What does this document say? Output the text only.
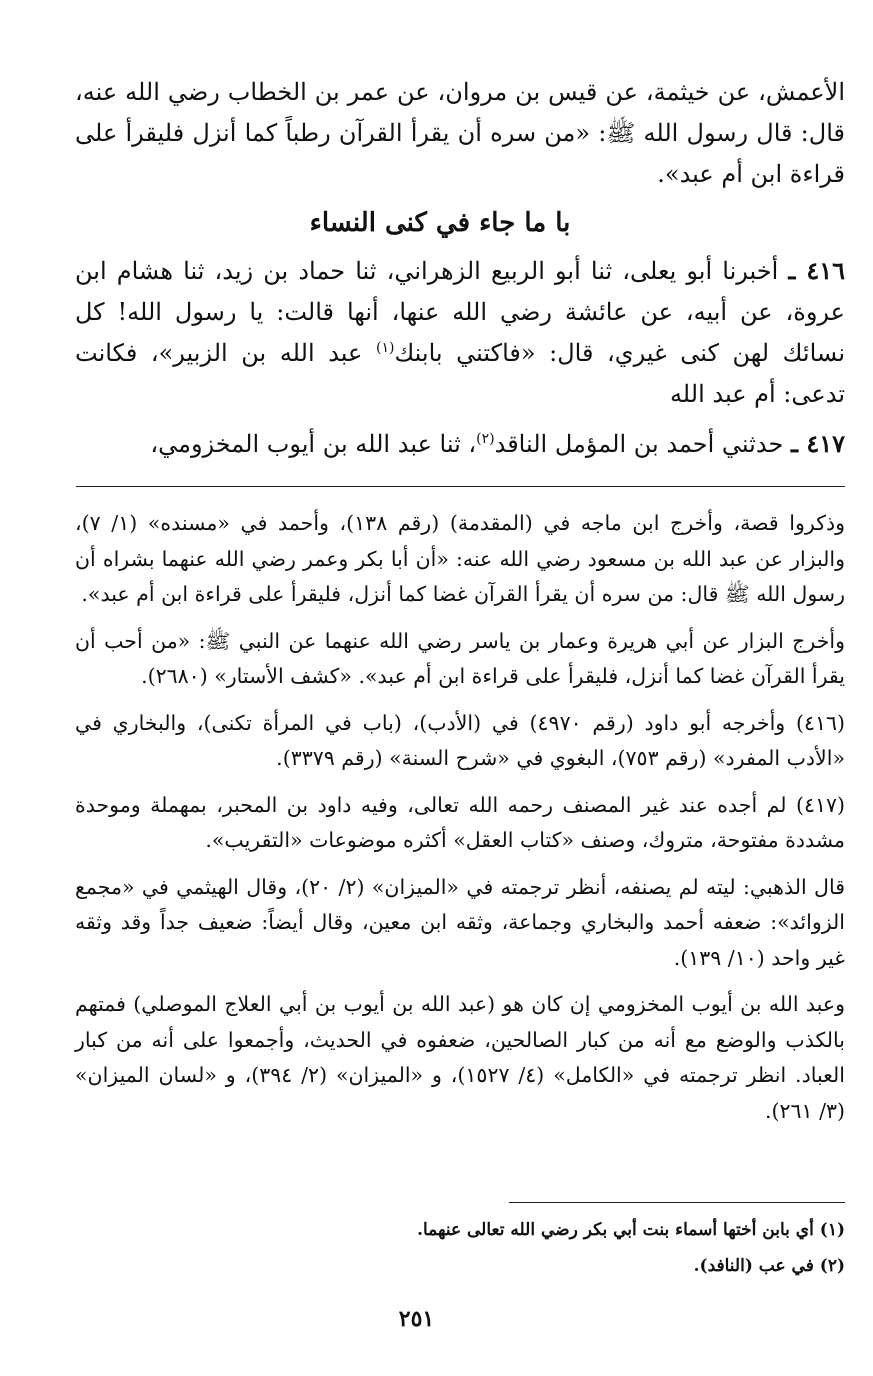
الأعمش، عن خيثمة، عن قيس بن مروان، عن عمر بن الخطاب رضي الله عنه، قال: قال رسول الله ﷺ: «من سره أن يقرأ القرآن رطباً كما أنزل فليقرأ على قراءة ابن أم عبد».

با ما جاء في كنى النساء

٤١٦ ـ أخبرنا أبو يعلى، ثنا أبو الربيع الزهراني، ثنا حماد بن زيد، ثنا هشام ابن عروة، عن أبيه، عن عائشة رضي الله عنها، أنها قالت: يا رسول الله! كل نسائك لهن كنى غيري، قال: «فاكتني بابنك$^{(١)}$ عبد الله بن الزبير»، فكانت تدعى: أم عبد الله

٤١٧ ـ حدثني أحمد بن المؤمل الناقد$^{(٢)}$، ثنا عبد الله بن أيوب المخزومي،

وذكروا قصة، وأخرج ابن ماجه في (المقدمة) (رقم ١٣٨)، وأحمد في «مسنده» (١/ ٧)، والبزار عن عبد الله بن مسعود رضي الله عنه: «أن أبا بكر وعمر رضي الله عنهما بشراه أن رسول الله ﷺ قال: من سره أن يقرأ القرآن غضا كما أنزل، فليقرأ على قراءة ابن أم عبد».

وأخرج البزار عن أبي هريرة وعمار بن ياسر رضي الله عنهما عن النبي ﷺ: «من أحب أن يقرأ القرآن غضا كما أنزل، فليقرأ على قراءة ابن أم عبد». «كشف الأستار» (٢٦٨٠).

(٤١٦) وأخرجه أبو داود (رقم ٤٩٧٠) في (الأدب)، (باب في المرأة تكنى)، والبخاري في «الأدب المفرد» (رقم ٧٥٣)، البغوي في «شرح السنة» (رقم ٣٣٧٩).

(٤١٧) لم أجده عند غير المصنف رحمه الله تعالى، وفيه داود بن المحبر، بمهملة وموحدة مشددة مفتوحة، متروك، وصنف «كتاب العقل» أكثره موضوعات «التقريب».

قال الذهبي: ليته لم يصنفه، أنظر ترجمته في «الميزان» (٢/ ٢٠)، وقال الهيثمي في «مجمع الزوائد»: ضعفه أحمد والبخاري وجماعة، وثقه ابن معين، وقال أيضاً: ضعيف جداً وقد وثقه غير واحد (١٠/ ١٣٩).

وعبد الله بن أيوب المخزومي إن كان هو (عبد الله بن أيوب بن أبي العلاج الموصلي) فمتهم بالكذب والوضع مع أنه من كبار الصالحين، ضعفوه في الحديث، وأجمعوا على أنه من كبار العباد. انظر ترجمته في «الكامل» (٤/ ١٥٢٧)، و «الميزان» (٢/ ٣٩٤)، و «لسان الميزان» (٣/ ٢٦١).

(١) أي بابن أختها أسماء بنت أبي بكر رضي الله تعالى عنهما.

(٢) في عب (النافد).

٢٥١
